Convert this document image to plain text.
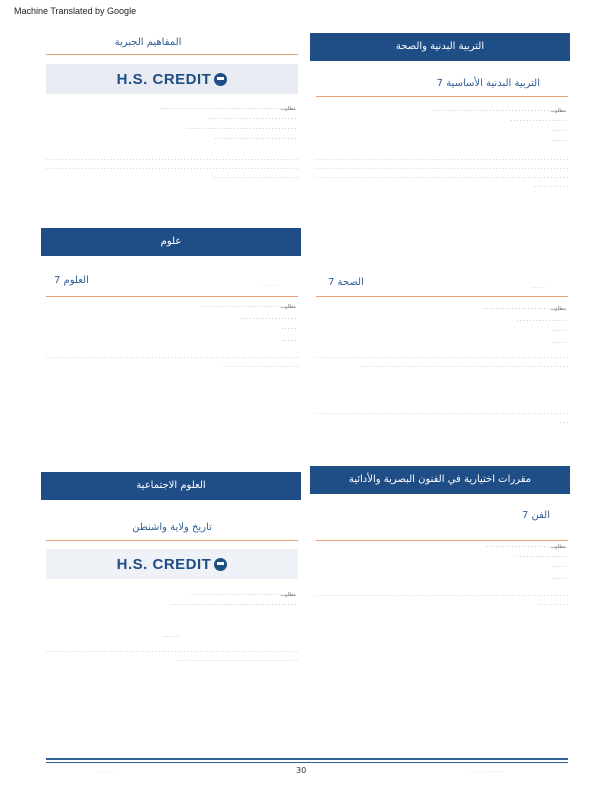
Machine Translated by Google
التربية البدنية والصحة
التربية البدنية الأساسية 7
مطلوب · · · · · · · · · · · · · · · · · · · · · · · · · · · · · · · · · · · · ·
· · · · · · · · · · · · · · · · · ·
· · · · ·
· · · · ·
· · · · · · · · · · · · · · · · · · · · · · · · · · · · · · · · · · · · · · · · · · · · · · · · · · · · · · · · · · · · · · · · · · · · · · · · · · · · · · · · · · · · · · · · · · · · · · · · · · · · · · · · · · · · · · · · · · · · · · · · · · · · · · · · · · · · · · · · · · · · · · · · · · · · · · · · · · · · · · · · · · · · · · · · · · · · · · · · · · · · · · · · · · · · · · · · · · · · · · · · · · · · · · · · · · · · · · · · · · · · · · · · · · · · · · · · · · · · · · · · · · · · · · · ·
المفاهيم الجبرية
H.S. CREDIT
مطلوب · · · · · · · · · · · · · · · · · · · · · · · · · · · · · · · · · · · · · ·
· · · · · · · · · · · · · · · · · · · · · · · · · · · ·
· · · · · · · · · · · · · · · · · · · · · · · · · · · · · · · · · · ·
· · · · · · · · · · · · · · · · · · · · · · · · · ·
· · · · · · · · · · · · · · · · · · · · · · · · · · · · · · · · · · · · · · · · · · · · · · · · · · · · · · · · · · · · · · · · · · · · · · · · · · · · · · · · · · · · · · · · · · · · · · · · · · · · · · · · · · · · · · · · · · · · · · · · · · · · · · · · · · · · · · · · · · · · · · · · · · · · · · · · · · · · · · · · · · · · · · · · · · · · · · · · · · · · · · · · ·
علوم
العلوم 7	· · · · · ·
مطلوب · · · · · · · · · · · · · · · · · · · · · · · · ·
· · · · · · · · · · · · · · · · · ·
· · · · ·
· · · · ·
· · · · · · · · · · · · · · · · · · · · · · · · · · · · · · · · · · · · · · · · · · · · · · · · · · · · · · · · · · · · · · · · · · · · · · · · · · · · · · · · · · · · · · · · · · · · · · · · · · · · · · ·
الصحة 7	· · · · · ·
مطلوب · · · · · · · · · · · · · · · · · · · · ·
· · · · · · · · · · · · · · · ·
· · · · ·
· · · · ·
· · · · · · · · · · · · · · · · · · · · · · · · · · · · · · · · · · · · · · · · · · · · · · · · · · · · · · · · · · · · · · · · · · · · · · · · · · · · · · · · · · · · · · · · · · · · · · · · · · · · · · · · · · · · · · · · · · · · · · · · · · · · · · · · · · · · · · · · · · · · · · · · ·
· · · · · · · · · · · · · · · · · · · · · · · · · · · · · · · · · · · · · · · · · · · · · · · · · · · · · · · · · · · · · · · · · · · · · · · · · · · · · · · · · ·
العلوم الاجتماعية
تاريخ ولاية واشنطن
H.S. CREDIT
مطلوب · · · · · · · · · · · · · · · · · · · · · · · · · · · ·
· · · · · · · · · · · · · · · · · · · · · · · · · · · · · · · · · · · · · · · ·
· · · · ·
· · · · · · · · · · · · · · · · · · · · · · · · · · · · · · · · · · · · · · · · · · · · · · · · · · · · · · · · · · · · · · · · · · · · · · · · · · · · · · · · · · · · · · · · · · · · · · · · · · · · · · · · · · · · · · · · · · · · · ·
مقررات اختيارية في الفنون البصرية والأدائية
الفن 7
مطلوب · · · · · · · · · · · · · · · · · · · ·
· · · · · · · · · · · · · · · ·
· · · · ·
· · · · ·
· · · · · · · · · · · · · · · · · · · · · · · · · · · · · · · · · · · · · · · · · · · · · · · · · · · · · · · · · · · · · · · · · · · · · · · · · · · · · · · · · · · · · · · · ·
30
· · · · · · ·	· · · · · · · · · · · · · ·
